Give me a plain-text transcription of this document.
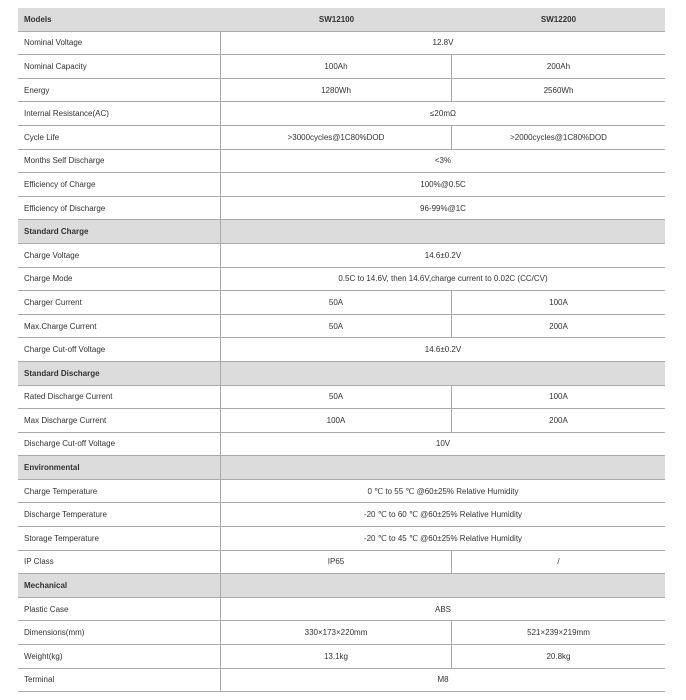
Models	SW12100	SW12200
Nominal Voltage	12.8V
Nominal Capacity	100Ah	200Ah
Energy	1280Wh	2560Wh
Internal Resistance(AC)	≤20mΩ
Cycle Life	>3000cycles@1C80%DOD	>2000cycles@1C80%DOD
Months Self Discharge	<3%
Efficiency of Charge	100%@0.5C
Efficiency of Discharge	96-99%@1C
Standard Charge
Charge Voltage	14.6±0.2V
Charge Mode	0.5C to 14.6V, then 14.6V,charge current to 0.02C (CC/CV)
Charger Current	50A	100A
Max.Charge Current	50A	200A
Charge Cut-off Voltage	14.6±0.2V
Standard Discharge
Rated Discharge Current	50A	100A
Max Discharge Current	100A	200A
Discharge Cut-off Voltage	10V
Environmental
Charge Temperature	0 ℃ to 55 ℃ @60±25% Relative Humidity
Discharge Temperature	-20 ℃ to 60 ℃ @60±25% Relative Humidity
Storage Temperature	-20 ℃ to 45 ℃ @60±25% Relative Humidity
IP Class	IP65	/
Mechanical
Plastic Case	ABS
Dimensions(mm)	330×173×220mm	521×239×219mm
Weight(kg)	13.1kg	20.8kg
Terminal	M8
